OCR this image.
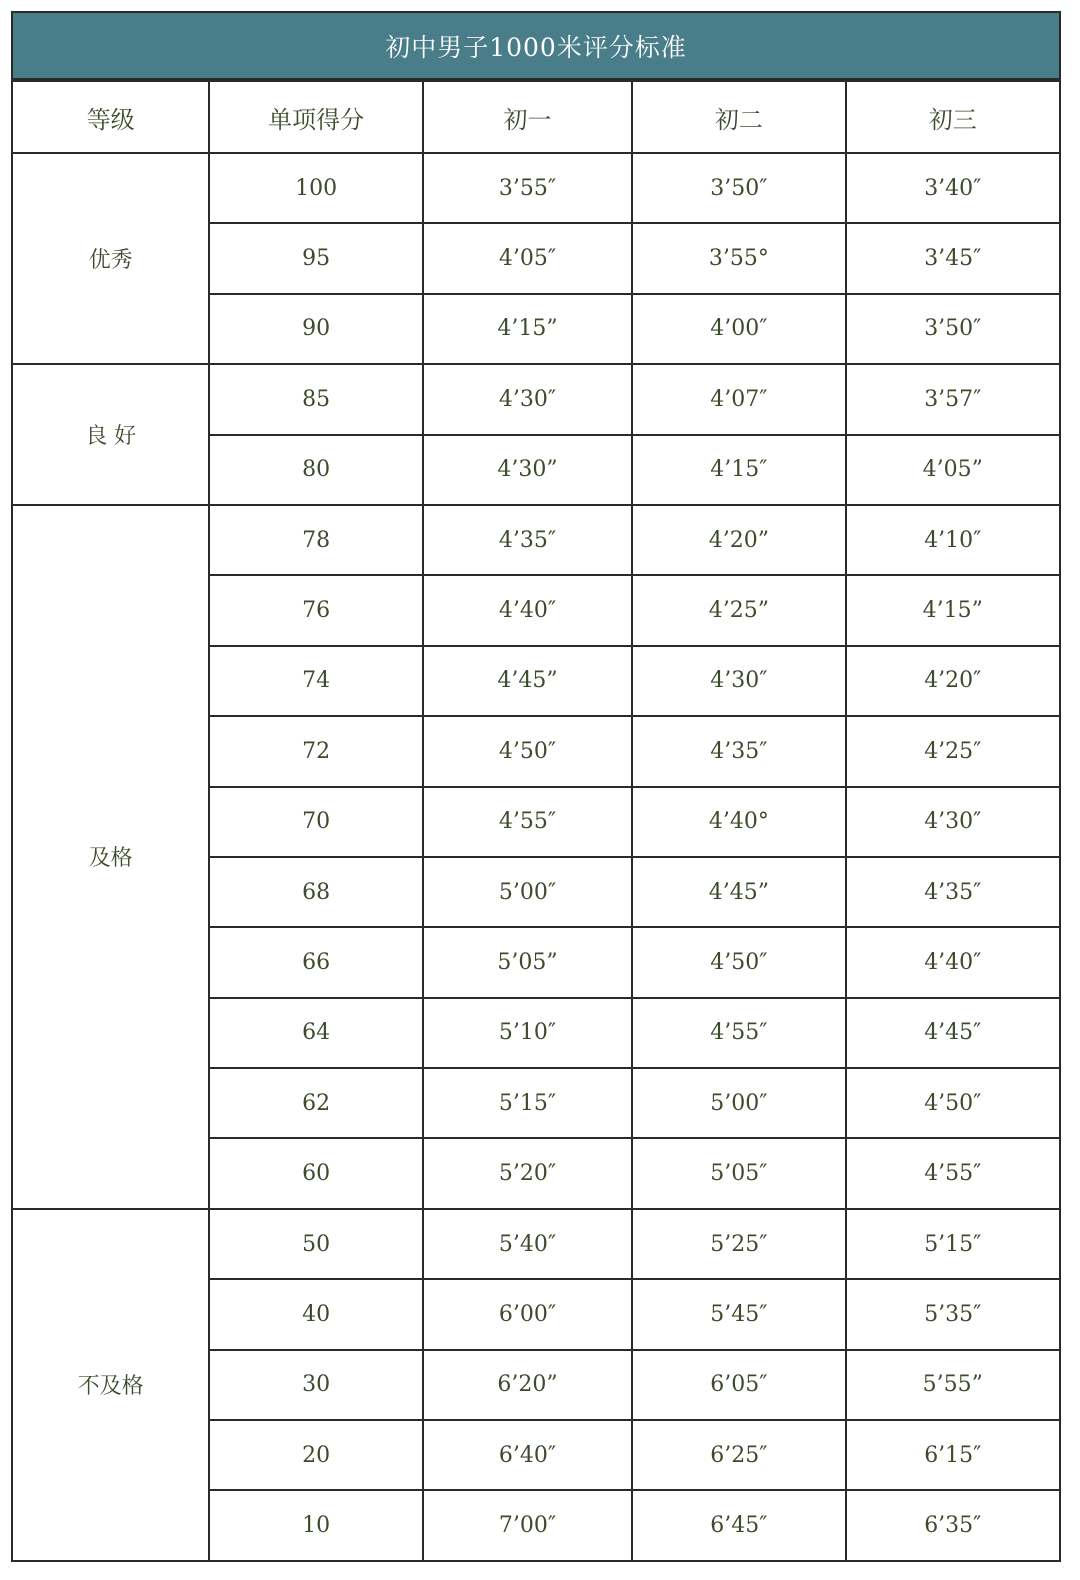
初中男子1000米评分标准
等级	单项得分	初一	初二	初三
优秀	100	3’55″	3’50″	3’40″
	95	4’05″	3’55°	3’45″
	90	4’15”	4’00″	3’50″
良 好	85	4’30″	4’07″	3’57″
	80	4’30”	4’15″	4’05”
及格	78	4’35″	4’20”	4’10″
	76	4’40″	4’25”	4’15”
	74	4’45”	4’30″	4’20″
	72	4’50″	4’35″	4’25″
	70	4’55″	4’40°	4’30″
	68	5’00″	4’45”	4’35″
	66	5’05”	4’50″	4’40″
	64	5’10″	4’55″	4’45″
	62	5’15″	5’00″	4’50″
	60	5’20″	5’05″	4’55″
不及格	50	5’40″	5’25″	5’15″
	40	6’00″	5’45″	5’35″
	30	6’20”	6’05″	5’55”
	20	6’40″	6’25″	6’15″
	10	7’00″	6’45″	6’35″
